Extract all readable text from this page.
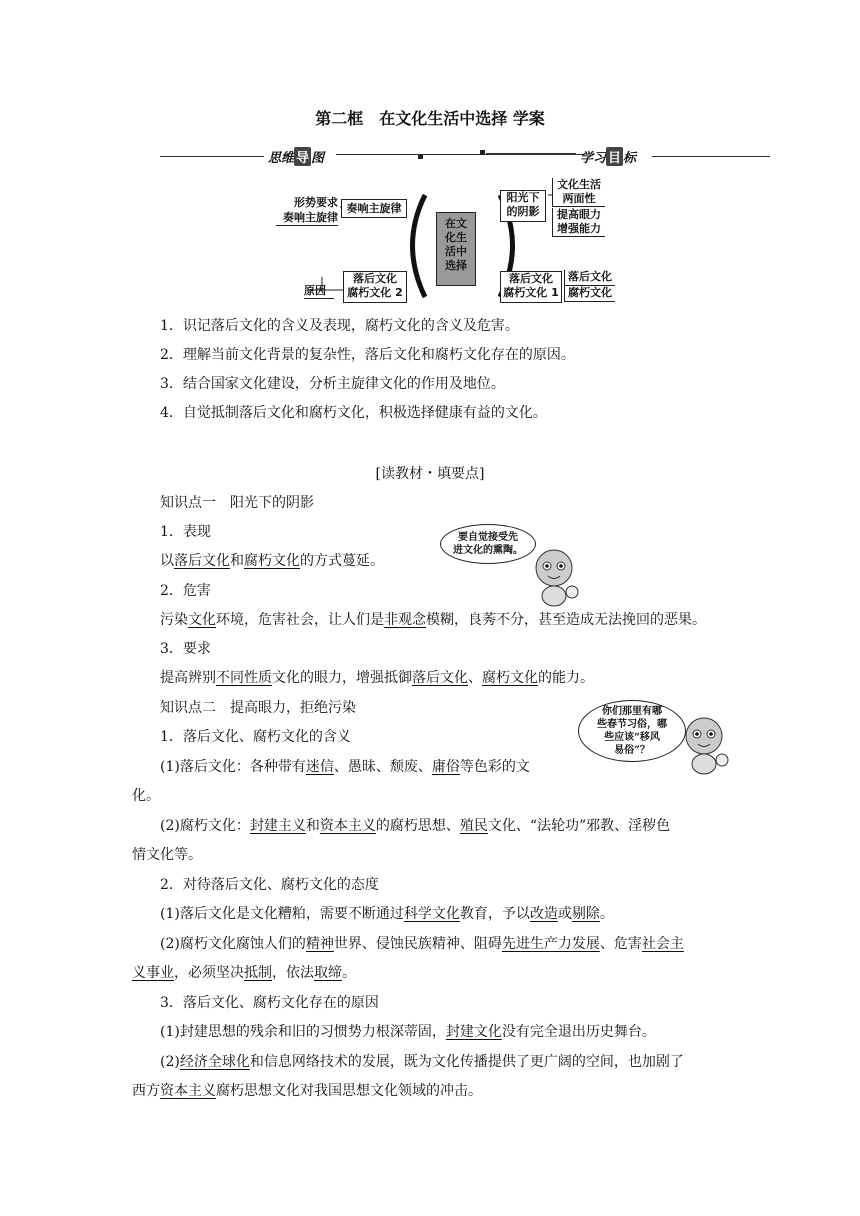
第二框　在文化生活中选择 学案
思维 导 图	学习 目 标
形势要求
奏响主旋律
奏响主旋律
在文
化生
活中
选择
阳光下
的阴影
文化生活
两面性
提高眼力
增强能力
原因
落后文化
腐朽文化 2
落后文化
腐朽文化 1
落后文化
腐朽文化
1．识记落后文化的含义及表现，腐朽文化的含义及危害。
2．理解当前文化背景的复杂性，落后文化和腐朽文化存在的原因。
3．结合国家文化建设，分析主旋律文化的作用及地位。
4．自觉抵制落后文化和腐朽文化，积极选择健康有益的文化。
[读教材・填要点]
知识点一　阳光下的阴影
1．表现
以落后文化和腐朽文化的方式蔓延。
要自觉接受先
进文化的熏陶。
2．危害
污染文化环境，危害社会，让人们是非观念模糊，良莠不分，甚至造成无法挽回的恶果。
3．要求
提高辨别不同性质文化的眼力，增强抵御落后文化、腐朽文化的能力。
知识点二　提高眼力，拒绝污染
1．落后文化、腐朽文化的含义
你们那里有哪
些春节习俗，哪
些应该“移风
易俗”？
(1)落后文化：各种带有迷信、愚昧、颓废、庸俗等色彩的文
化。
(2)腐朽文化：封建主义和资本主义的腐朽思想、殖民文化、“法轮功”邪教、淫秽色
情文化等。
2．对待落后文化、腐朽文化的态度
(1)落后文化是文化糟粕，需要不断通过科学文化教育，予以改造或剔除。
(2)腐朽文化腐蚀人们的精神世界、侵蚀民族精神、阻碍先进生产力发展、危害社会主
义事业，必须坚决抵制，依法取缔。
3．落后文化、腐朽文化存在的原因
(1)封建思想的残余和旧的习惯势力根深蒂固，封建文化没有完全退出历史舞台。
(2)经济全球化和信息网络技术的发展，既为文化传播提供了更广阔的空间，也加剧了
西方资本主义腐朽思想文化对我国思想文化领域的冲击。
